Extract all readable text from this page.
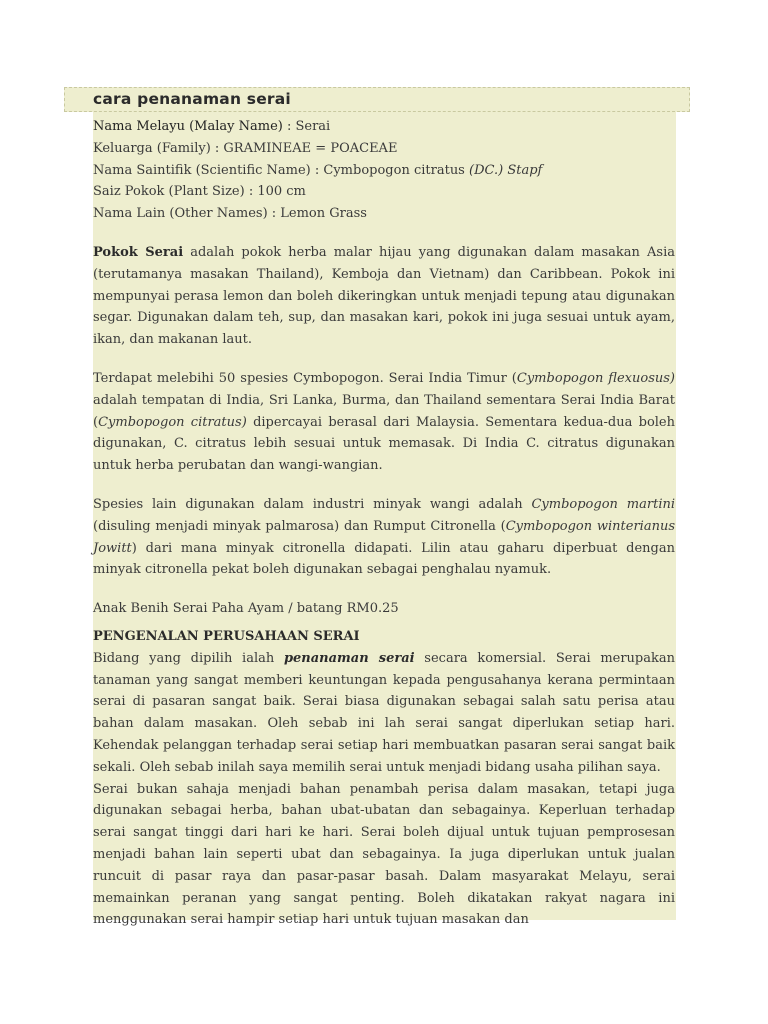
cara penanaman serai
Nama Melayu (Malay Name) : Serai
Keluarga (Family) : GRAMINEAE = POACEAE
Nama Saintifik (Scientific Name) : Cymbopogon citratus (DC.) Stapf
Saiz Pokok (Plant Size) : 100 cm
Nama Lain (Other Names) : Lemon Grass
Pokok Serai adalah pokok herba malar hijau yang digunakan dalam masakan Asia (terutamanya masakan Thailand), Kemboja dan Vietnam) dan Caribbean. Pokok ini mempunyai perasa lemon dan boleh dikeringkan untuk menjadi tepung atau digunakan segar. Digunakan dalam teh, sup, dan masakan kari, pokok ini juga sesuai untuk ayam, ikan, dan makanan laut.
Terdapat melebihi 50 spesies Cymbopogon. Serai India Timur (Cymbopogon flexuosus) adalah tempatan di India, Sri Lanka, Burma, dan Thailand sementara Serai India Barat (Cymbopogon citratus) dipercayai berasal dari Malaysia. Sementara kedua-dua boleh digunakan, C. citratus lebih sesuai untuk memasak. Di India C. citratus digunakan untuk herba perubatan dan wangi-wangian.
Spesies lain digunakan dalam industri minyak wangi adalah Cymbopogon martini (disuling menjadi minyak palmarosa) dan Rumput Citronella (Cymbopogon winterianus Jowitt) dari mana minyak citronella didapati. Lilin atau gaharu diperbuat dengan minyak citronella pekat boleh digunakan sebagai penghalau nyamuk.
Anak Benih Serai Paha Ayam / batang RM0.25
PENGENALAN PERUSAHAAN SERAI
Bidang yang dipilih ialah penanaman serai secara komersial. Serai merupakan tanaman yang sangat memberi keuntungan kepada pengusahanya kerana permintaan serai di pasaran sangat baik. Serai biasa digunakan sebagai salah satu perisa atau bahan dalam masakan. Oleh sebab ini lah serai sangat diperlukan setiap hari. Kehendak pelanggan terhadap serai setiap hari membuatkan pasaran serai sangat baik sekali. Oleh sebab inilah saya memilih serai untuk menjadi bidang usaha pilihan saya.
Serai bukan sahaja menjadi bahan penambah perisa dalam masakan, tetapi juga digunakan sebagai herba, bahan ubat-ubatan dan sebagainya. Keperluan terhadap serai sangat tinggi dari hari ke hari. Serai boleh dijual untuk tujuan pemprosesan menjadi bahan lain seperti ubat dan sebagainya. Ia juga diperlukan untuk jualan runcuit di pasar raya dan pasar-pasar basah. Dalam masyarakat Melayu, serai memainkan peranan yang sangat penting. Boleh dikatakan rakyat nagara ini menggunakan serai hampir setiap hari untuk tujuan masakan dan
